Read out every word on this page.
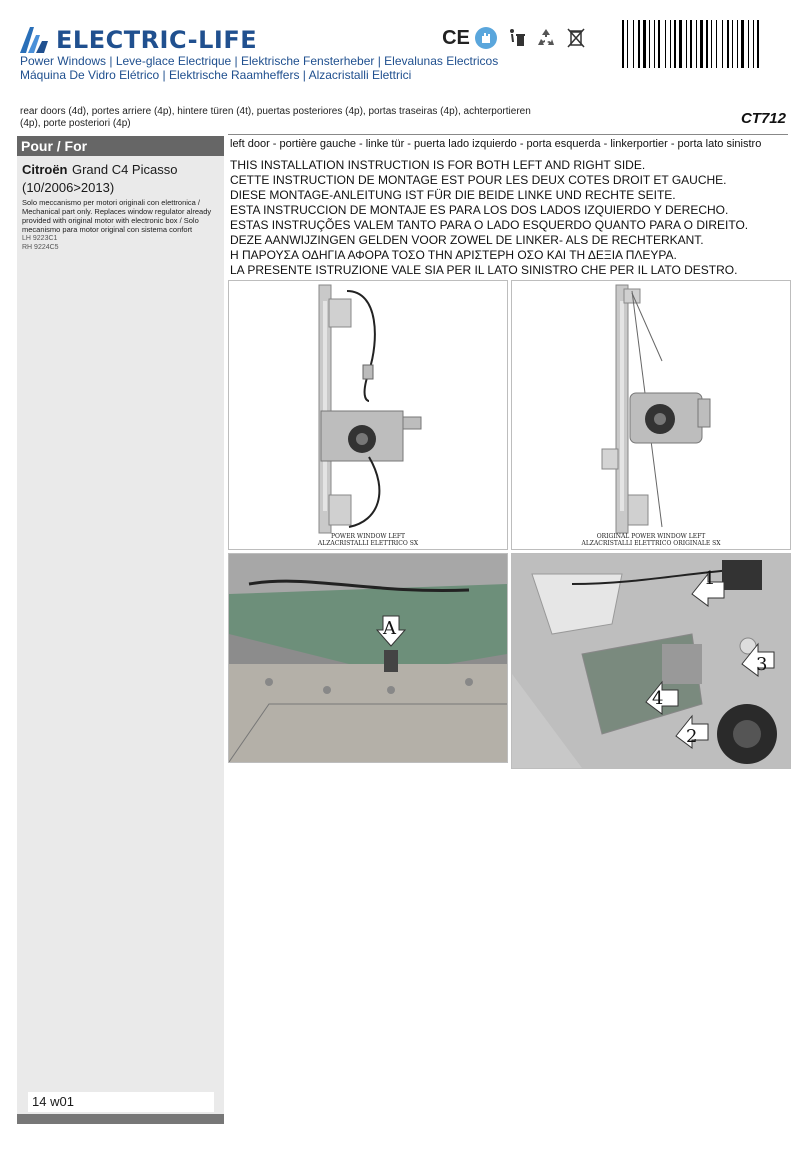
ELECTRIC-LIFE
Power Windows | Leve-glace Electrique | Elektrische Fensterheber | Elevalunas Electricos
Máquina De Vidro Elétrico | Elektrische Raamheffers | Alzacristalli Elettrici
CE
rear doors (4d), portes arriere (4p), hintere türen (4t), puertas posteriores (4p), portas traseiras (4p), achterportieren
(4p), porte posteriori (4p)	CT712
Pour / For
Citroën Grand C4 Picasso
(10/2006>2013)
Solo meccanismo per motori originali con elettronica / Mechanical part only. Replaces window regulator already provided with original motor with electronic box / Solo mecanismo para motor original con sistema confort
LH 9223C1
RH 9224C5
14 w01
left door - portière gauche - linke tür - puerta lado izquierdo - porta esquerda - linkerportier - porta lato sinistro
THIS INSTALLATION INSTRUCTION IS FOR BOTH LEFT AND RIGHT SIDE.
CETTE INSTRUCTION DE MONTAGE EST POUR LES DEUX COTES DROIT ET GAUCHE.
DIESE MONTAGE-ANLEITUNG IST FÜR DIE BEIDE LINKE UND RECHTE SEITE.
ESTA INSTRUCCION DE MONTAJE ES PARA LOS DOS LADOS IZQUIERDO Y DERECHO.
ESTAS INSTRUÇÕES VALEM TANTO PARA O LADO ESQUERDO QUANTO PARA O DIREITO.
DEZE AANWIJZINGEN GELDEN VOOR ZOWEL DE LINKER- ALS DE RECHTERKANT.
Η ΠΑΡΟΥΣΑ ΟΔΗΓΙΑ ΑΦΟΡΑ ΤΟΣΟ ΤΗΝ ΑΡΙΣΤΕΡΗ ΟΣΟ ΚΑΙ ΤΗ ΔΕΞΙΑ ΠΛΕΥΡΑ.
LA PRESENTE ISTRUZIONE VALE SIA PER IL LATO SINISTRO CHE PER IL LATO DESTRO.
POWER WINDOW LEFT
ALZACRISTALLI ELETTRICO SX
ORIGINAL POWER WINDOW LEFT
ALZACRISTALLI ELETTRICO ORIGINALE SX
A
1
2
3
4
